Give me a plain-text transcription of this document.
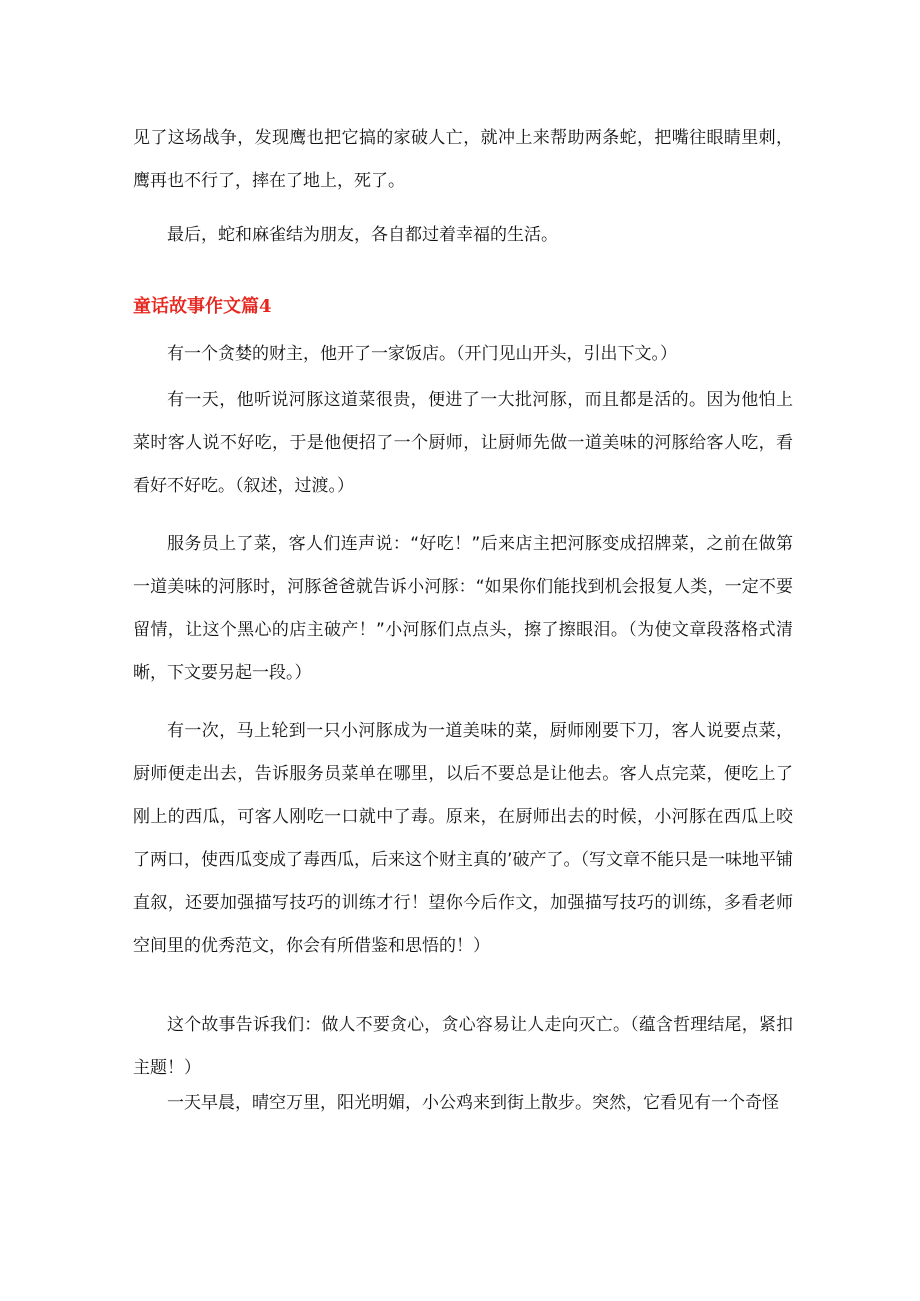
见了这场战争，发现鹰也把它搞的家破人亡，就冲上来帮助两条蛇，把嘴往眼睛里刺，鹰再也不行了，摔在了地上，死了。

最后，蛇和麻雀结为朋友，各自都过着幸福的生活。

童话故事作文篇4

有一个贪婪的财主，他开了一家饭店。（开门见山开头，引出下文。）

有一天，他听说河豚这道菜很贵，便进了一大批河豚，而且都是活的。因为他怕上菜时客人说不好吃，于是他便招了一个厨师，让厨师先做一道美味的河豚给客人吃，看看好不好吃。（叙述，过渡。）

服务员上了菜，客人们连声说：“好吃！”后来店主把河豚变成招牌菜，之前在做第一道美味的河豚时，河豚爸爸就告诉小河豚：“如果你们能找到机会报复人类，一定不要留情，让这个黑心的店主破产！”小河豚们点点头，擦了擦眼泪。（为使文章段落格式清晰，下文要另起一段。）

有一次，马上轮到一只小河豚成为一道美味的菜，厨师刚要下刀，客人说要点菜，厨师便走出去，告诉服务员菜单在哪里，以后不要总是让他去。客人点完菜，便吃上了刚上的西瓜，可客人刚吃一口就中了毒。原来，在厨师出去的时候，小河豚在西瓜上咬了两口，使西瓜变成了毒西瓜，后来这个财主真的’破产了。（写文章不能只是一味地平铺直叙，还要加强描写技巧的训练才行！望你今后作文，加强描写技巧的训练，多看老师空间里的优秀范文，你会有所借鉴和思悟的！）

这个故事告诉我们：做人不要贪心，贪心容易让人走向灭亡。（蕴含哲理结尾，紧扣主题！）

一天早晨，晴空万里，阳光明媚，小公鸡来到街上散步。突然，它看见有一个奇怪
